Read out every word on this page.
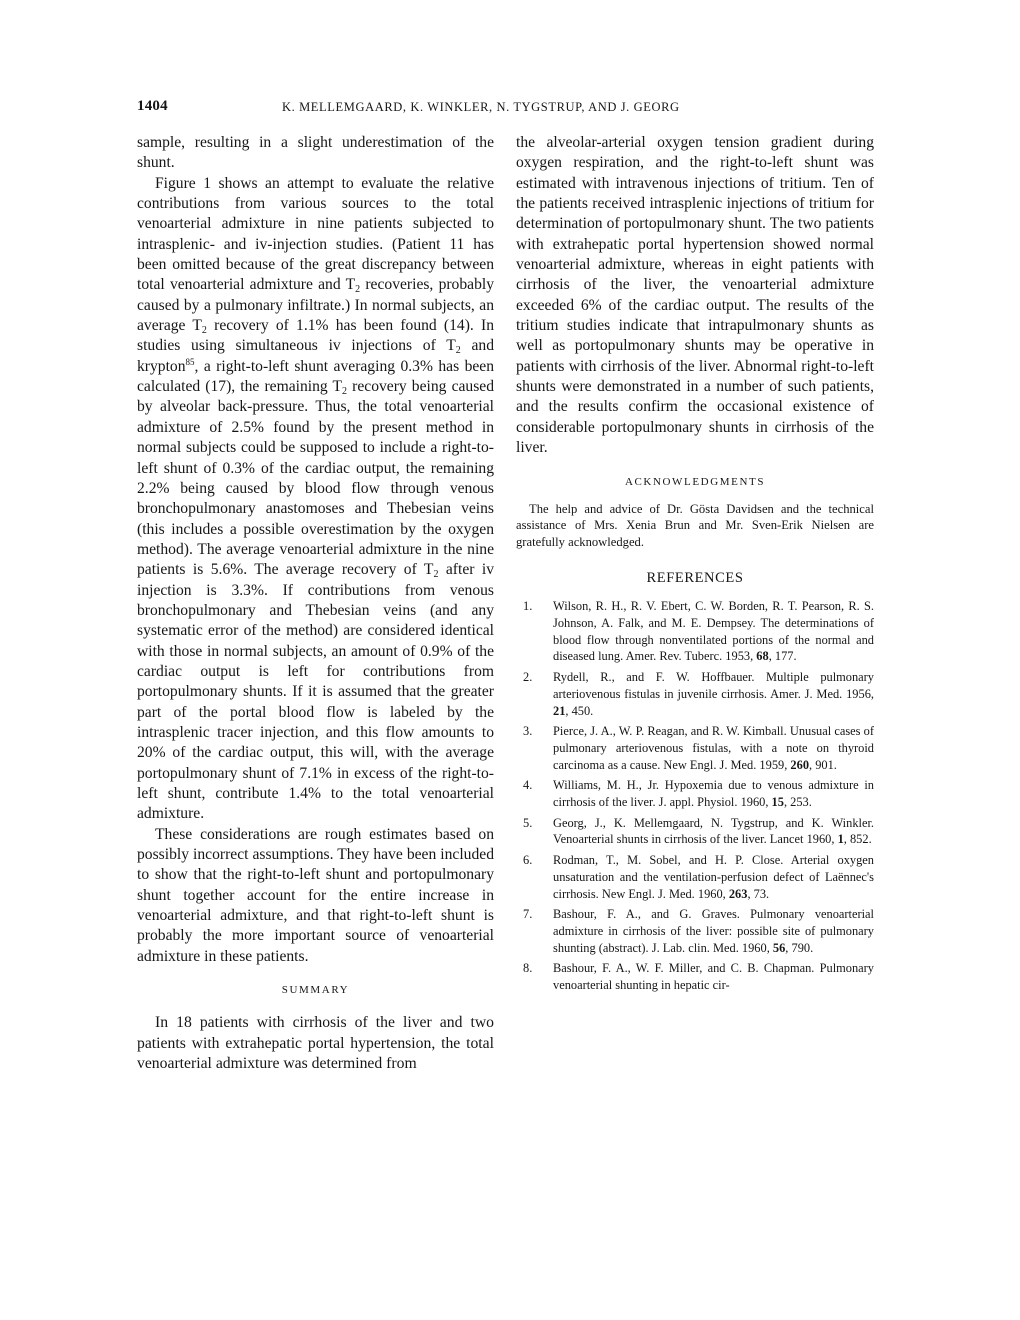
1404	K. MELLEMGAARD, K. WINKLER, N. TYGSTRUP, AND J. GEORG

sample, resulting in a slight underestimation of the shunt.

Figure 1 shows an attempt to evaluate the relative contributions from various sources to the total venoarterial admixture in nine patients subjected to intrasplenic- and iv-injection studies. (Patient 11 has been omitted because of the great discrepancy between total venoarterial admixture and $T_2$ recoveries, probably caused by a pulmonary infiltrate.) In normal subjects, an average $T_2$ recovery of 1.1% has been found (14). In studies using simultaneous iv injections of $T_2$ and krypton$^{85}$, a right-to-left shunt averaging 0.3% has been calculated (17), the remaining $T_2$ recovery being caused by alveolar back-pressure. Thus, the total venoarterial admixture of 2.5% found by the present method in normal subjects could be supposed to include a right-to-left shunt of 0.3% of the cardiac output, the remaining 2.2% being caused by blood flow through venous bronchopulmonary anastomoses and Thebesian veins (this includes a possible overestimation by the oxygen method). The average venoarterial admixture in the nine patients is 5.6%. The average recovery of $T_2$ after iv injection is 3.3%. If contributions from venous bronchopulmonary and Thebesian veins (and any systematic error of the method) are considered identical with those in normal subjects, an amount of 0.9% of the cardiac output is left for contributions from portopulmonary shunts. If it is assumed that the greater part of the portal blood flow is labeled by the intrasplenic tracer injection, and this flow amounts to 20% of the cardiac output, this will, with the average portopulmonary shunt of 7.1% in excess of the right-to-left shunt, contribute 1.4% to the total venoarterial admixture.

These considerations are rough estimates based on possibly incorrect assumptions. They have been included to show that the right-to-left shunt and portopulmonary shunt together account for the entire increase in venoarterial admixture, and that right-to-left shunt is probably the more important source of venoarterial admixture in these patients.

SUMMARY

In 18 patients with cirrhosis of the liver and two patients with extrahepatic portal hypertension, the total venoarterial admixture was determined from

the alveolar-arterial oxygen tension gradient during oxygen respiration, and the right-to-left shunt was estimated with intravenous injections of tritium. Ten of the patients received intrasplenic injections of tritium for determination of portopulmonary shunt. The two patients with extrahepatic portal hypertension showed normal venoarterial admixture, whereas in eight patients with cirrhosis of the liver, the venoarterial admixture exceeded 6% of the cardiac output. The results of the tritium studies indicate that intrapulmonary shunts as well as portopulmonary shunts may be operative in patients with cirrhosis of the liver. Abnormal right-to-left shunts were demonstrated in a number of such patients, and the results confirm the occasional existence of considerable portopulmonary shunts in cirrhosis of the liver.

ACKNOWLEDGMENTS

The help and advice of Dr. Gösta Davidsen and the technical assistance of Mrs. Xenia Brun and Mr. Sven-Erik Nielsen are gratefully acknowledged.

REFERENCES
1. Wilson, R. H., R. V. Ebert, C. W. Borden, R. T. Pearson, R. S. Johnson, A. Falk, and M. E. Dempsey. The determinations of blood flow through nonventilated portions of the normal and diseased lung. Amer. Rev. Tuberc. 1953, 68, 177.
2. Rydell, R., and F. W. Hoffbauer. Multiple pulmonary arteriovenous fistulas in juvenile cirrhosis. Amer. J. Med. 1956, 21, 450.
3. Pierce, J. A., W. P. Reagan, and R. W. Kimball. Unusual cases of pulmonary arteriovenous fistulas, with a note on thyroid carcinoma as a cause. New Engl. J. Med. 1959, 260, 901.
4. Williams, M. H., Jr. Hypoxemia due to venous admixture in cirrhosis of the liver. J. appl. Physiol. 1960, 15, 253.
5. Georg, J., K. Mellemgaard, N. Tygstrup, and K. Winkler. Venoarterial shunts in cirrhosis of the liver. Lancet 1960, 1, 852.
6. Rodman, T., M. Sobel, and H. P. Close. Arterial oxygen unsaturation and the ventilation-perfusion defect of Laënnec's cirrhosis. New Engl. J. Med. 1960, 263, 73.
7. Bashour, F. A., and G. Graves. Pulmonary venoarterial admixture in cirrhosis of the liver: possible site of pulmonary shunting (abstract). J. Lab. clin. Med. 1960, 56, 790.
8. Bashour, F. A., W. F. Miller, and C. B. Chapman. Pulmonary venoarterial shunting in hepatic cir-
